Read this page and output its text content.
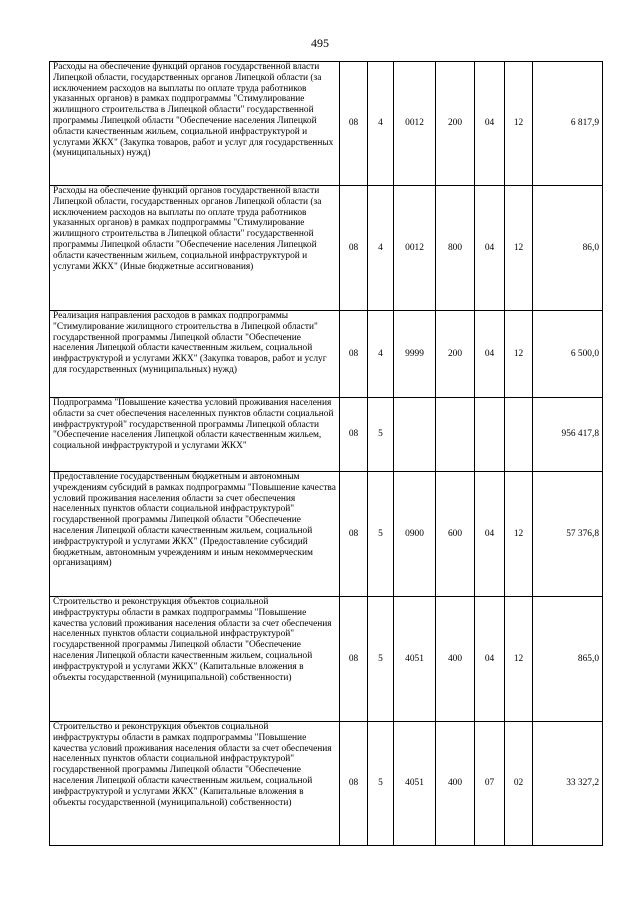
495
Расходы на обеспечение функций органов государственной власти Липецкой области, государственных органов Липецкой области (за исключением расходов на выплаты по оплате труда работников указанных органов) в рамках подпрограммы "Стимулирование жилищного строительства в Липецкой области" государственной программы Липецкой области "Обеспечение населения Липецкой области качественным жильем, социальной инфраструктурой и услугами ЖКХ" (Закупка товаров, работ и услуг для государственных (муниципальных) нужд)	08	4	0012	200	04	12	6 817,9
Расходы на обеспечение функций органов государственной власти Липецкой области, государственных органов Липецкой области (за исключением расходов на выплаты по оплате труда работников указанных органов) в рамках подпрограммы "Стимулирование жилищного строительства в Липецкой области" государственной программы Липецкой области "Обеспечение населения Липецкой области качественным жильем, социальной инфраструктурой и услугами ЖКХ" (Иные бюджетные ассигнования)	08	4	0012	800	04	12	86,0
Реализация направления расходов в рамках подпрограммы "Стимулирование жилищного строительства в Липецкой области" государственной программы Липецкой области "Обеспечение населения Липецкой области качественным жильем, социальной инфраструктурой и услугами ЖКХ" (Закупка товаров, работ и услуг для государственных (муниципальных) нужд)	08	4	9999	200	04	12	6 500,0
Подпрограмма "Повышение качества условий проживания населения области за счет обеспечения населенных пунктов области социальной инфраструктурой" государственной программы Липецкой области "Обеспечение населения Липецкой области качественным жильем, социальной инфраструктурой и услугами ЖКХ"	08	5					956 417,8
Предоставление государственным бюджетным и автономным учреждениям субсидий в рамках подпрограммы "Повышение качества условий проживания населения области за счет обеспечения населенных пунктов области социальной инфраструктурой" государственной программы Липецкой области "Обеспечение населения Липецкой области качественным жильем, социальной инфраструктурой и услугами ЖКХ" (Предоставление субсидий бюджетным, автономным учреждениям и иным некоммерческим организациям)	08	5	0900	600	04	12	57 376,8
Строительство и реконструкция объектов социальной инфраструктуры области в рамках подпрограммы "Повышение качества условий проживания населения области за счет обеспечения населенных пунктов области социальной инфраструктурой" государственной программы Липецкой области "Обеспечение населения Липецкой области качественным жильем, социальной инфраструктурой и услугами ЖКХ" (Капитальные вложения в объекты государственной (муниципальной) собственности)	08	5	4051	400	04	12	865,0
Строительство и реконструкция объектов социальной инфраструктуры области в рамках подпрограммы "Повышение качества условий проживания населения области за счет обеспечения населенных пунктов области социальной инфраструктурой" государственной программы Липецкой области "Обеспечение населения Липецкой области качественным жильем, социальной инфраструктурой и услугами ЖКХ" (Капитальные вложения в объекты государственной (муниципальной) собственности)	08	5	4051	400	07	02	33 327,2
